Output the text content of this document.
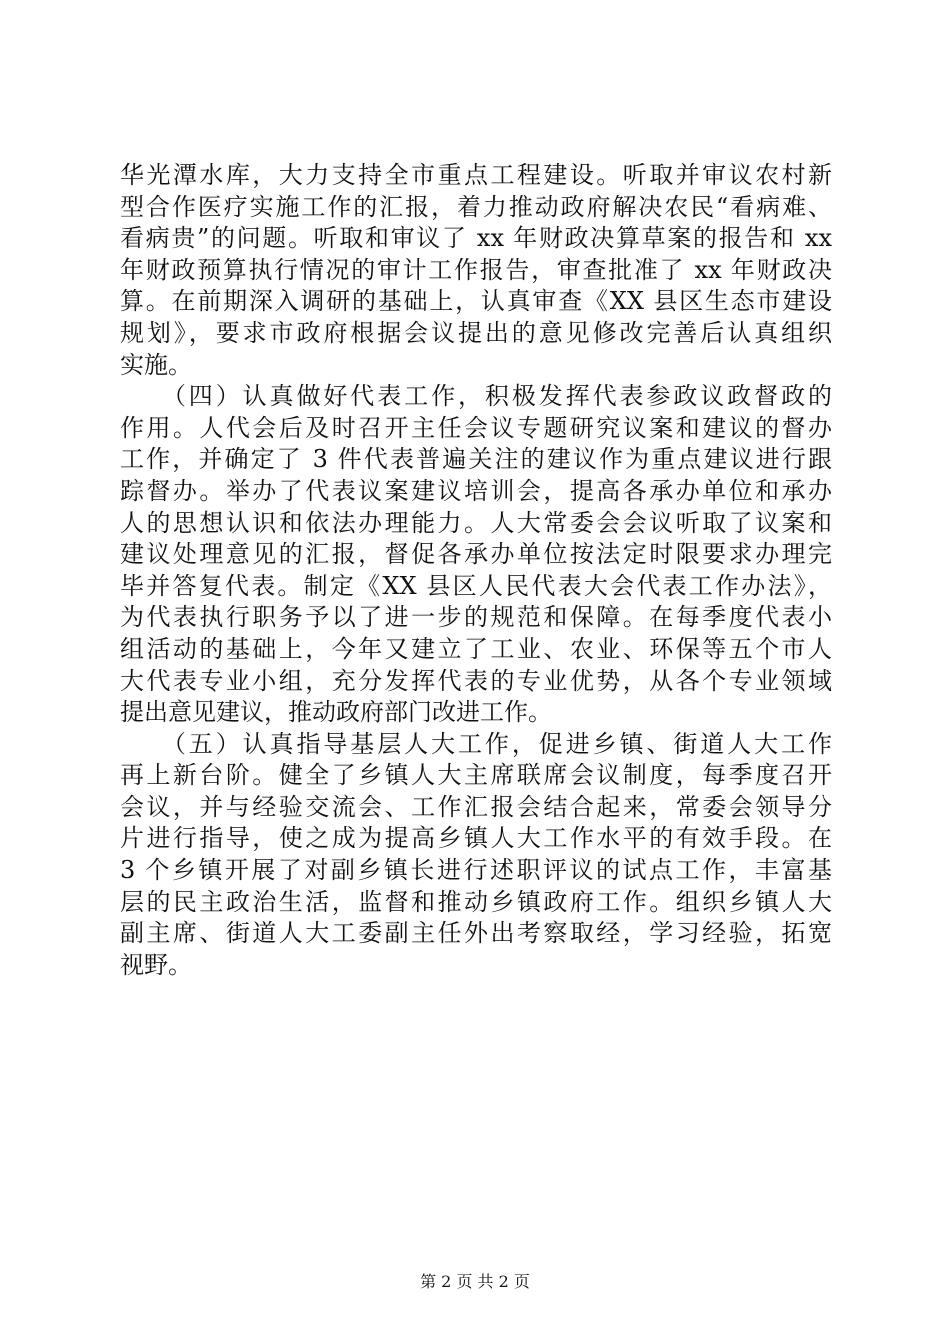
华光潭水库，大力支持全市重点工程建设。听取并审议农村新
型合作医疗实施工作的汇报，着力推动政府解决农民“看病难、
看病贵”的问题。听取和审议了 xx 年财政决算草案的报告和 xx
年财政预算执行情况的审计工作报告，审查批准了 xx 年财政决
算。在前期深入调研的基础上，认真审查《XX 县区生态市建设
规划》，要求市政府根据会议提出的意见修改完善后认真组织
实施。
　　（四）认真做好代表工作，积极发挥代表参政议政督政的
作用。人代会后及时召开主任会议专题研究议案和建议的督办
工作，并确定了 3 件代表普遍关注的建议作为重点建议进行跟
踪督办。举办了代表议案建议培训会，提高各承办单位和承办
人的思想认识和依法办理能力。人大常委会会议听取了议案和
建议处理意见的汇报，督促各承办单位按法定时限要求办理完
毕并答复代表。制定《XX 县区人民代表大会代表工作办法》，
为代表执行职务予以了进一步的规范和保障。在每季度代表小
组活动的基础上，今年又建立了工业、农业、环保等五个市人
大代表专业小组，充分发挥代表的专业优势，从各个专业领域
提出意见建议，推动政府部门改进工作。
　　（五）认真指导基层人大工作，促进乡镇、街道人大工作
再上新台阶。健全了乡镇人大主席联席会议制度，每季度召开
会议，并与经验交流会、工作汇报会结合起来，常委会领导分
片进行指导，使之成为提高乡镇人大工作水平的有效手段。在
3 个乡镇开展了对副乡镇长进行述职评议的试点工作，丰富基
层的民主政治生活，监督和推动乡镇政府工作。组织乡镇人大
副主席、街道人大工委副主任外出考察取经，学习经验，拓宽
视野。
第 2 页 共 2 页
